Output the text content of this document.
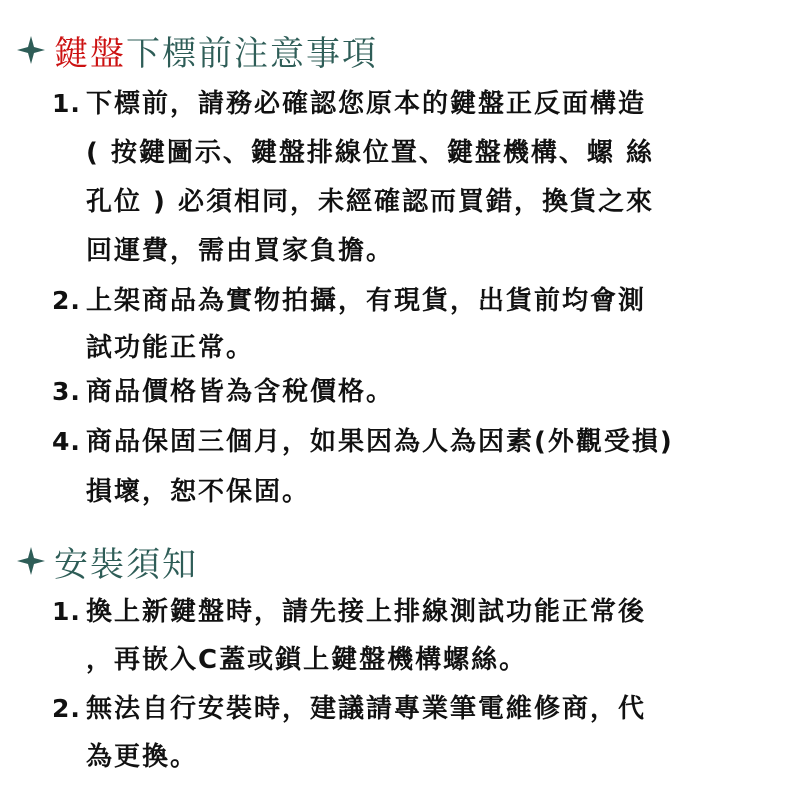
鍵盤 下標前注意事項
1. 下標前，請務必確認您原本的鍵盤正反面構造
( 按鍵圖示、鍵盤排線位置、鍵盤機構、螺 絲
孔位 ) 必須相同，未經確認而買錯，換貨之來
回運費，需由買家負擔。
2. 上架商品為實物拍攝，有現貨，出貨前均會測
試功能正常。
3. 商品價格皆為含稅價格。
4. 商品保固三個月，如果因為人為因素(外觀受損)
損壞，恕不保固。
安裝須知
1. 換上新鍵盤時，請先接上排線測試功能正常後
，再嵌入C蓋或鎖上鍵盤機構螺絲。
2. 無法自行安裝時，建議請專業筆電維修商，代
為更換。
